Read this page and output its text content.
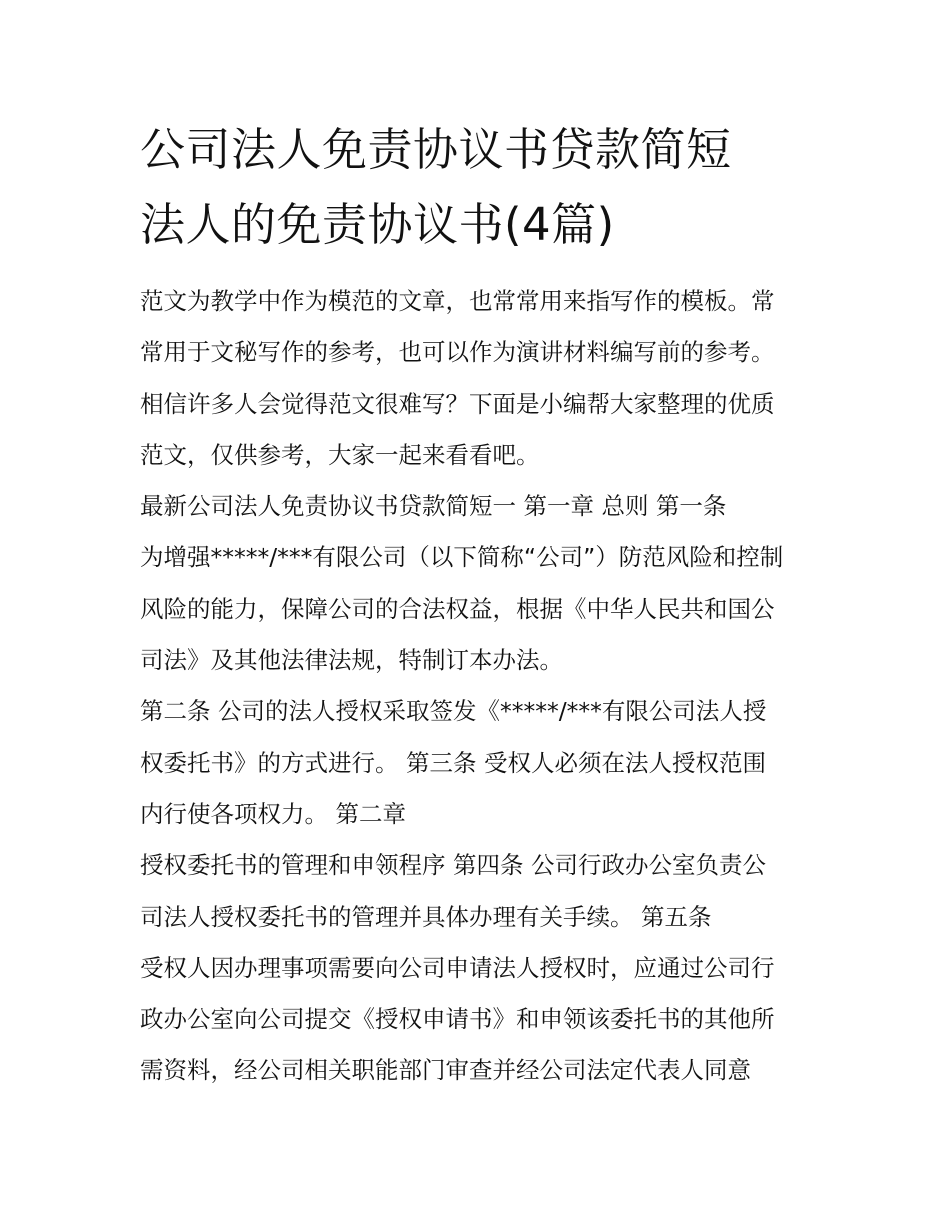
公司法人免责协议书贷款简短
法人的免责协议书(4篇)
范文为教学中作为模范的文章，也常常用来指写作的模板。常
常用于文秘写作的参考，也可以作为演讲材料编写前的参考。
相信许多人会觉得范文很难写？下面是小编帮大家整理的优质
范文，仅供参考，大家一起来看看吧。
最新公司法人免责协议书贷款简短一 第一章 总则 第一条
为增强*****/***有限公司（以下简称“公司”）防范风险和控制
风险的能力，保障公司的合法权益，根据《中华人民共和国公
司法》及其他法律法规，特制订本办法。
第二条 公司的法人授权采取签发《*****/***有限公司法人授
权委托书》的方式进行。 第三条 受权人必须在法人授权范围
内行使各项权力。 第二章
授权委托书的管理和申领程序 第四条 公司行政办公室负责公
司法人授权委托书的管理并具体办理有关手续。 第五条
受权人因办理事项需要向公司申请法人授权时，应通过公司行
政办公室向公司提交《授权申请书》和申领该委托书的其他所
需资料，经公司相关职能部门审查并经公司法定代表人同意
